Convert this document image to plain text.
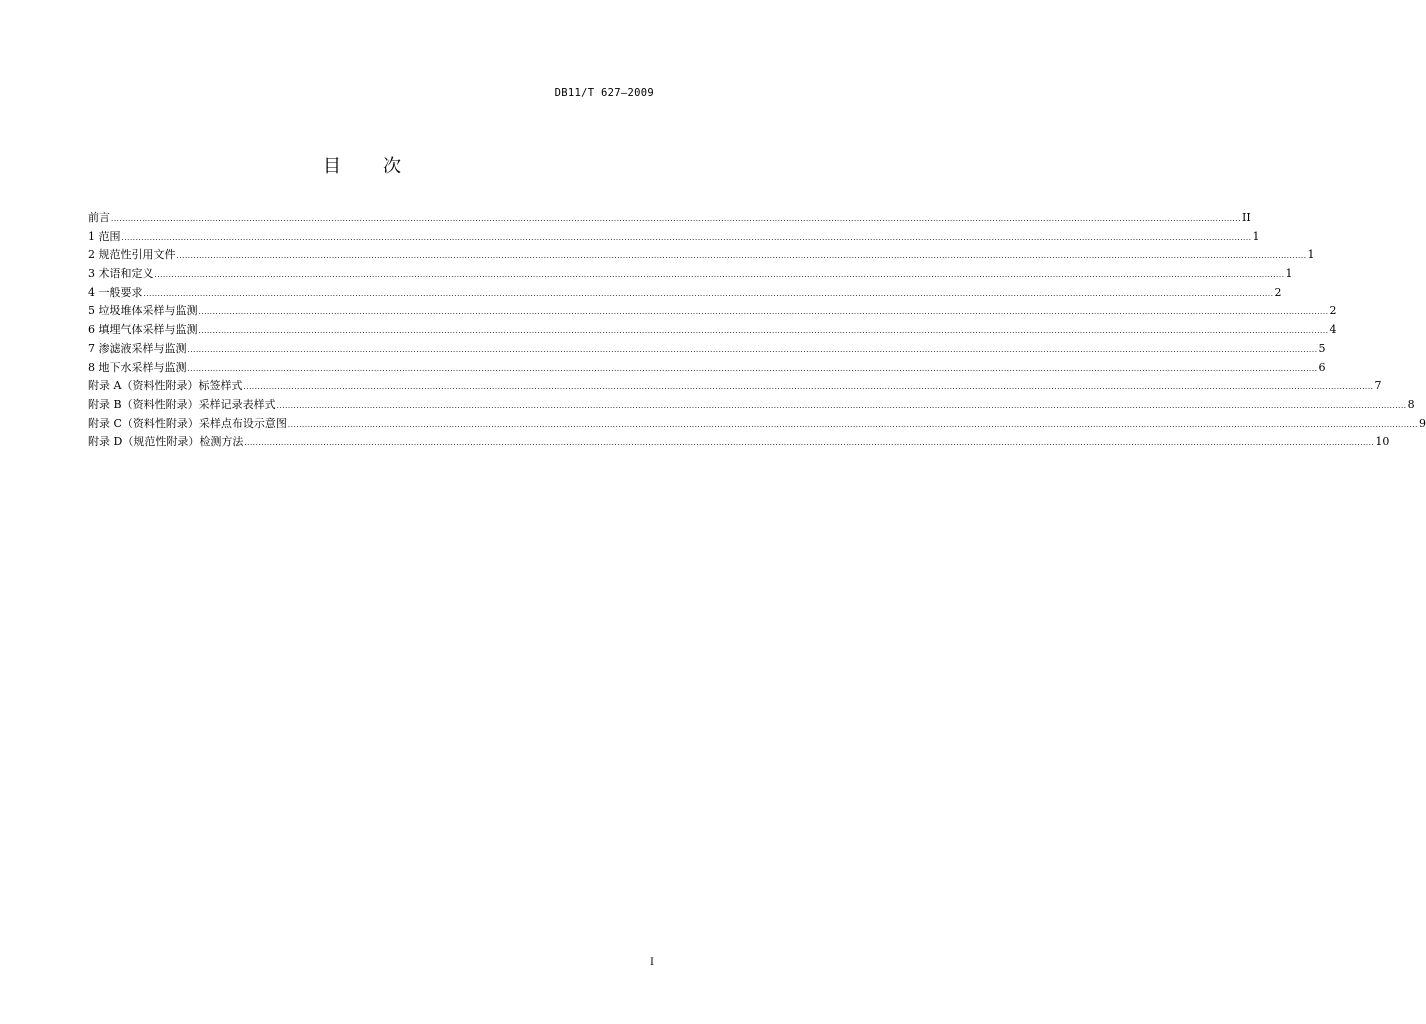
DB11/T 627—2009
目 次
前言 ................................................................................................................................................................................................................................................................................................................................................................................................................ II
1 范围 ................................................................................................................................................................................................................................................................................................................................................................................................................ 1
2 规范性引用文件 ................................................................................................................................................................................................................................................................................................................................................................................................................ 1
3 术语和定义 ................................................................................................................................................................................................................................................................................................................................................................................................................ 1
4 一般要求 ................................................................................................................................................................................................................................................................................................................................................................................................................ 2
5 垃圾堆体采样与监测 ................................................................................................................................................................................................................................................................................................................................................................................................................ 2
6 填埋气体采样与监测 ................................................................................................................................................................................................................................................................................................................................................................................................................ 4
7 渗滤液采样与监测 ................................................................................................................................................................................................................................................................................................................................................................................................................ 5
8 地下水采样与监测 ................................................................................................................................................................................................................................................................................................................................................................................................................ 6
附录 A（资料性附录）标签样式 ................................................................................................................................................................................................................................................................................................................................................................................................................ 7
附录 B（资料性附录）采样记录表样式 ................................................................................................................................................................................................................................................................................................................................................................................................................ 8
附录 C（资料性附录）采样点布设示意图 ................................................................................................................................................................................................................................................................................................................................................................................................................ 9
附录 D（规范性附录）检测方法 ................................................................................................................................................................................................................................................................................................................................................................................................................ 10
I
